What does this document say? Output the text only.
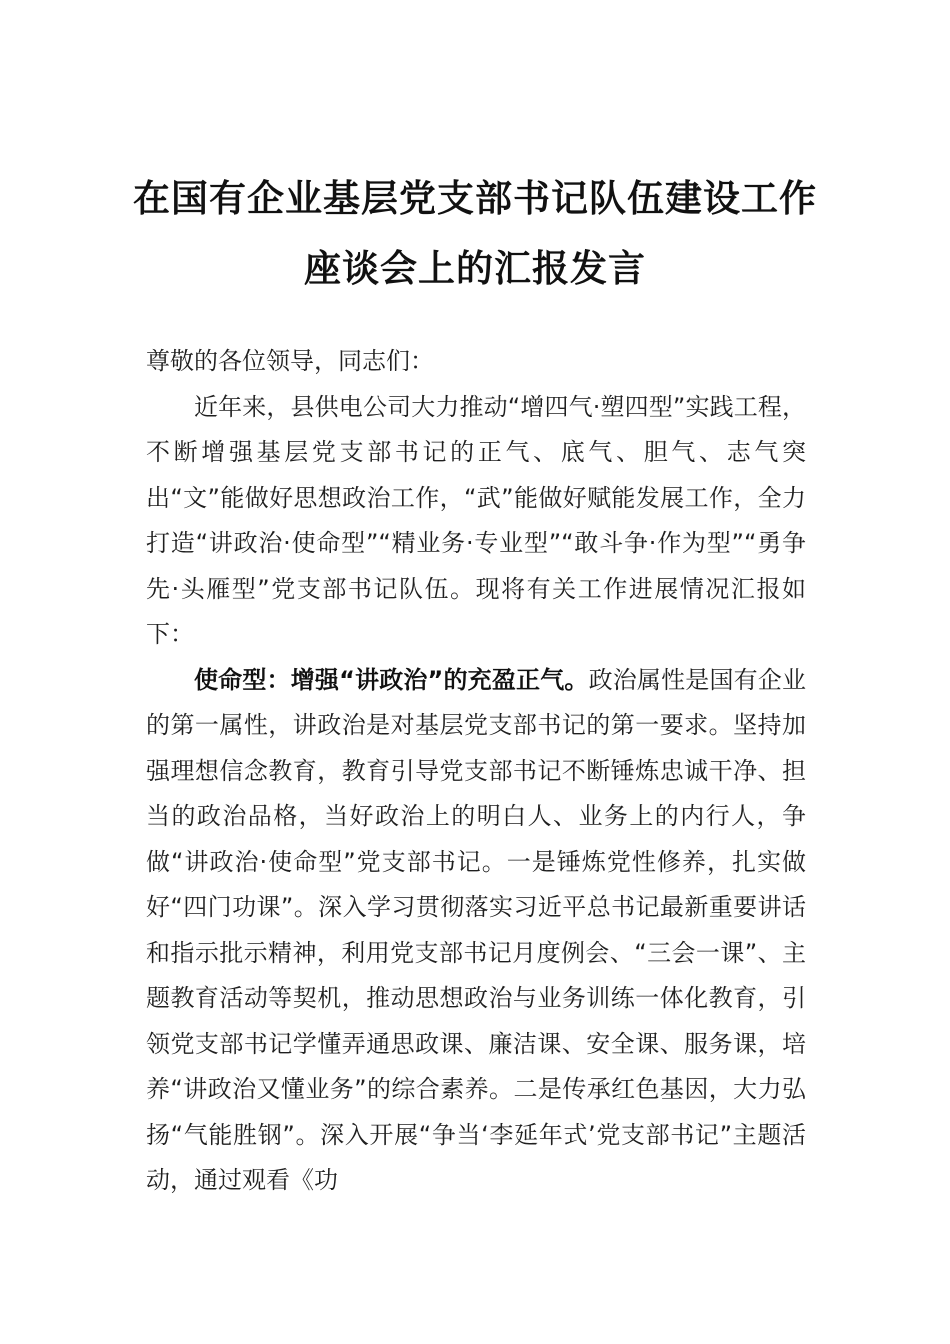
在国有企业基层党支部书记队伍建设工作
座谈会上的汇报发言

尊敬的各位领导，同志们：

近年来，县供电公司大力推动“增四气·塑四型”实践工程，不断增强基层党支部书记的正气、底气、胆气、志气突出“文”能做好思想政治工作，“武”能做好赋能发展工作，全力打造“讲政治·使命型”“精业务·专业型”“敢斗争·作为型”“勇争先·头雁型”党支部书记队伍。现将有关工作进展情况汇报如下：

使命型：增强“讲政治”的充盈正气。政治属性是国有企业的第一属性，讲政治是对基层党支部书记的第一要求。坚持加强理想信念教育，教育引导党支部书记不断锤炼忠诚干净、担当的政治品格，当好政治上的明白人、业务上的内行人，争做“讲政治·使命型”党支部书记。一是锤炼党性修养，扎实做好“四门功课”。深入学习贯彻落实习近平总书记最新重要讲话和指示批示精神，利用党支部书记月度例会、“三会一课”、主题教育活动等契机，推动思想政治与业务训练一体化教育，引领党支部书记学懂弄通思政课、廉洁课、安全课、服务课，培养“讲政治又懂业务”的综合素养。二是传承红色基因，大力弘扬“气能胜钢”。深入开展“争当‘李延年式’党支部书记”主题活动，通过观看《功
